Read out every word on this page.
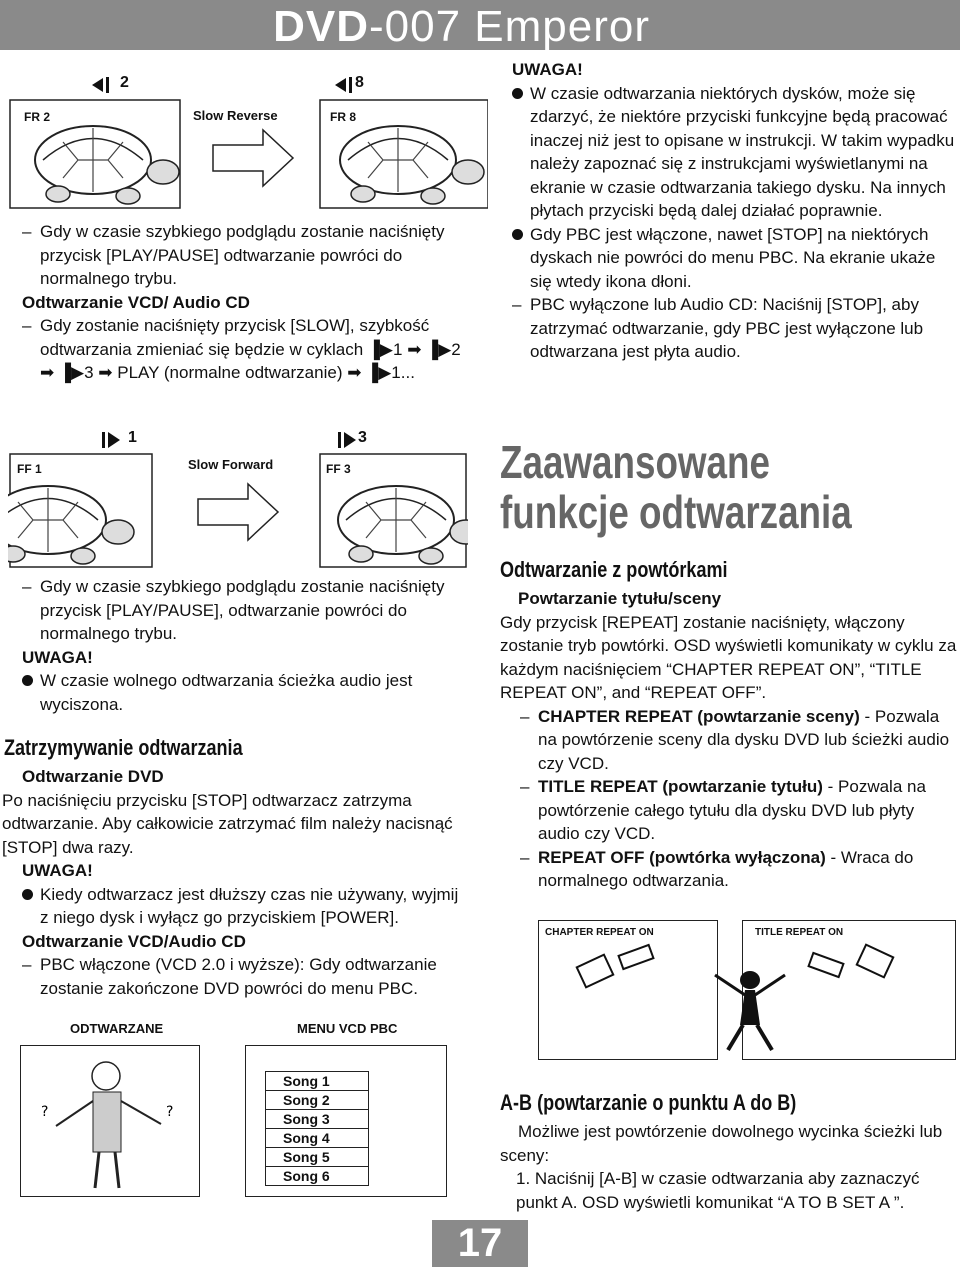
DVD-007 Emperor
2	8
FR 2	FR 8
Slow Reverse

– Gdy w czasie szybkiego podglądu zostanie naciśnięty przycisk [PLAY/PAUSE] odtwarzanie powróci do normalnego trybu.

Odtwarzanie VCD/ Audio CD

– Gdy zostanie naciśnięty przycisk [SLOW], szybkość odtwarzania zmieniać się będzie w cyklach ▐▶1 ➡ ▐▶2 ➡ ▐▶3 ➡ PLAY (normalne odtwarzanie) ➡ ▐▶1...

1	3
FF 1	FF 3
Slow Forward

– Gdy w czasie szybkiego podglądu zostanie naciśnięty przycisk [PLAY/PAUSE], odtwarzanie powróci do normalnego trybu.

UWAGA!

W czasie wolnego odtwarzania ścieżka audio jest wyciszona.

Zatrzymywanie odtwarzania

Odtwarzanie DVD

Po naciśnięciu przycisku [STOP] odtwarzacz zatrzyma odtwarzanie. Aby całkowicie zatrzymać film należy nacisnąć [STOP] dwa razy.

UWAGA!

Kiedy odtwarzacz jest dłuższy czas nie używany, wyjmij z niego dysk i wyłącz go przyciskiem [POWER].

Odtwarzanie VCD/Audio CD

– PBC włączone (VCD 2.0 i wyższe): Gdy odtwarzanie zostanie zakończone DVD powróci do menu PBC.

ODTWARZANE	MENU VCD PBC
?	?
Song 1
Song 2
Song 3
Song 4
Song 5
Song 6

UWAGA!

W czasie odtwarzania niektórych dysków, może się zdarzyć, że niektóre przyciski funkcyjne będą pracować inaczej niż jest to opisane w instrukcji. W takim wypadku należy zapoznać się z instrukcjami wyświetlanymi na ekranie w czasie odtwarzania takiego dysku. Na innych płytach przyciski będą dalej działać poprawnie.

Gdy PBC jest włączone, nawet [STOP] na niektórych dyskach nie powróci do menu PBC. Na ekranie ukaże się wtedy ikona dłoni.

– PBC wyłączone lub Audio CD: Naciśnij [STOP], aby zatrzymać odtwarzanie, gdy PBC jest wyłączone lub odtwarzana jest płyta audio.

Zaawansowane
funkcje odtwarzania
Odtwarzanie z powtórkami

Powtarzanie tytułu/sceny

Gdy przycisk [REPEAT] zostanie naciśnięty, włączony zostanie tryb powtórki. OSD wyświetli komunikaty w cyklu za każdym naciśnięciem “CHAPTER REPEAT ON”, “TITLE REPEAT ON”, and “REPEAT OFF”.

– CHAPTER REPEAT (powtarzanie sceny) - Pozwala na powtórzenie sceny dla dysku DVD lub ścieżki audio czy VCD.

– TITLE REPEAT (powtarzanie tytułu) - Pozwala na powtórzenie całego tytułu dla dysku DVD lub płyty audio czy VCD.

– REPEAT OFF (powtórka wyłączona) - Wraca do normalnego odtwarzania.

CHAPTER REPEAT ON	TITLE REPEAT ON
A-B (powtarzanie o punktu A do B)

Możliwe jest powtórzenie dowolnego wycinka ścieżki lub sceny:

1. Naciśnij [A-B] w czasie odtwarzania aby zaznaczyć punkt A. OSD wyświetli komunikat “A TO B SET A ”.

17
